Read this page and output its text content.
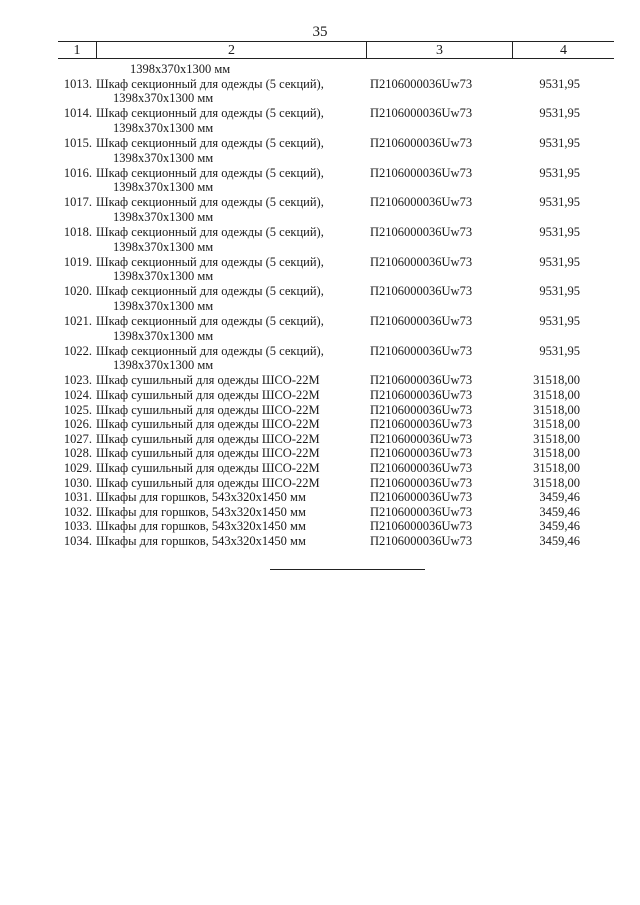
35
1	2	3	4
1398х370х1300 мм
1013. Шкаф секционный для одежды (5 секций),
1398х370х1300 мм
П2106000036Uw73	9531,95
1014. Шкаф секционный для одежды (5 секций),
1398х370х1300 мм
П2106000036Uw73	9531,95
1015. Шкаф секционный для одежды (5 секций),
1398х370х1300 мм
П2106000036Uw73	9531,95
1016. Шкаф секционный для одежды (5 секций),
1398х370х1300 мм
П2106000036Uw73	9531,95
1017. Шкаф секционный для одежды (5 секций),
1398х370х1300 мм
П2106000036Uw73	9531,95
1018. Шкаф секционный для одежды (5 секций),
1398х370х1300 мм
П2106000036Uw73	9531,95
1019. Шкаф секционный для одежды (5 секций),
1398х370х1300 мм
П2106000036Uw73	9531,95
1020. Шкаф секционный для одежды (5 секций),
1398х370х1300 мм
П2106000036Uw73	9531,95
1021. Шкаф секционный для одежды (5 секций),
1398х370х1300 мм
П2106000036Uw73	9531,95
1022. Шкаф секционный для одежды (5 секций),
1398х370х1300 мм
П2106000036Uw73	9531,95
1023. Шкаф сушильный для одежды ШСО-22М	П2106000036Uw73	31518,00
1024. Шкаф сушильный для одежды ШСО-22М	П2106000036Uw73	31518,00
1025. Шкаф сушильный для одежды ШСО-22М	П2106000036Uw73	31518,00
1026. Шкаф сушильный для одежды ШСО-22М	П2106000036Uw73	31518,00
1027. Шкаф сушильный для одежды ШСО-22М	П2106000036Uw73	31518,00
1028. Шкаф сушильный для одежды ШСО-22М	П2106000036Uw73	31518,00
1029. Шкаф сушильный для одежды ШСО-22М	П2106000036Uw73	31518,00
1030. Шкаф сушильный для одежды ШСО-22М	П2106000036Uw73	31518,00
1031. Шкафы для горшков, 543х320х1450 мм	П2106000036Uw73	3459,46
1032. Шкафы для горшков, 543х320х1450 мм	П2106000036Uw73	3459,46
1033. Шкафы для горшков, 543х320х1450 мм	П2106000036Uw73	3459,46
1034. Шкафы для горшков, 543х320х1450 мм	П2106000036Uw73	3459,46
